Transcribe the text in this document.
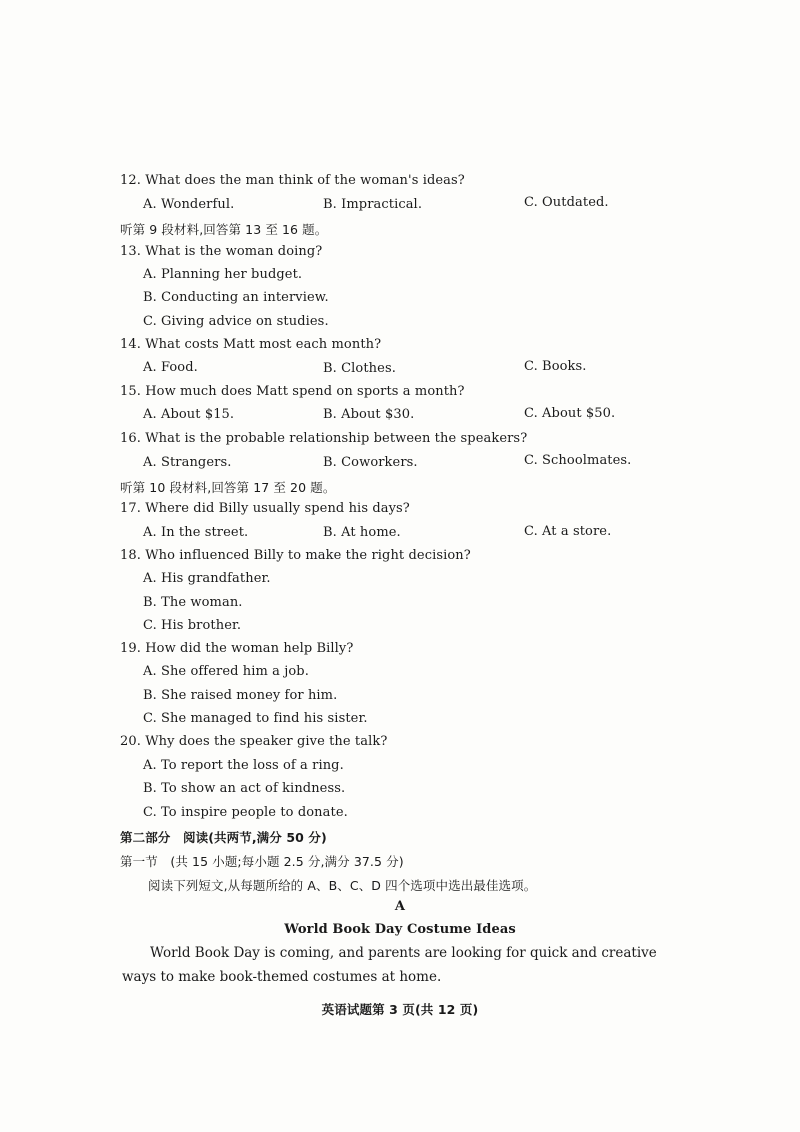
12. What does the man think of the woman's ideas?
A. Wonderful.	B. Impractical.	C. Outdated.
听第 9 段材料,回答第 13 至 16 题。
13. What is the woman doing?
A. Planning her budget.
B. Conducting an interview.
C. Giving advice on studies.
14. What costs Matt most each month?
A. Food.	B. Clothes.	C. Books.
15. How much does Matt spend on sports a month?
A. About $15.	B. About $30.	C. About $50.
16. What is the probable relationship between the speakers?
A. Strangers.	B. Coworkers.	C. Schoolmates.
听第 10 段材料,回答第 17 至 20 题。
17. Where did Billy usually spend his days?
A. In the street.	B. At home.	C. At a store.
18. Who influenced Billy to make the right decision?
A. His grandfather.
B. The woman.
C. His brother.
19. How did the woman help Billy?
A. She offered him a job.
B. She raised money for him.
C. She managed to find his sister.
20. Why does the speaker give the talk?
A. To report the loss of a ring.
B. To show an act of kindness.
C. To inspire people to donate.
第二部分　阅读(共两节,满分 50 分)
第一节　(共 15 小题;每小题 2.5 分,满分 37.5 分)
阅读下列短文,从每题所给的 A、B、C、D 四个选项中选出最佳选项。
A
World Book Day Costume Ideas

World Book Day is coming, and parents are looking for quick and creative ways to make book-themed costumes at home.

英语试题第 3 页(共 12 页)
